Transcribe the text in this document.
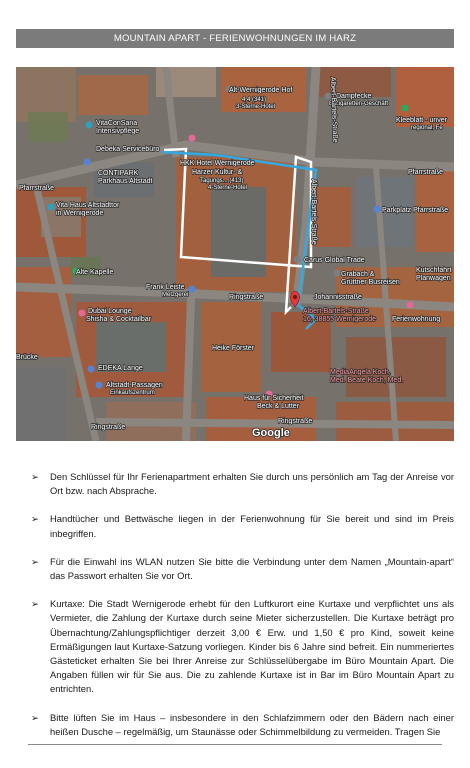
MOUNTAIN APART - FERIENWOHNUNGEN IM HARZ
Alt-Wernigerode Hof
4,4 (341)
3-Sterne-Hotel
Dampfecke
E-Zigaretten-Geschäft
Kleeblatt - unver
regional, Fe
VitaConSana
Intensivpflege
Debeka Servicebüro
HKK Hotel Wernigerode
Harzer Kultur- &
Tagungs... (413)
4-Sterne-Hotel
Pfarrstraße
Pfarrstraße
CONTIPARK
Parkhaus Altstadt
Vita Haus Altstadttor
in Wernigerode	Parkplatz Pfarrstraße
Alte Kapelle
Carus Global Trade
Grabach &
Grüttner Busreisen
Kutschfahrt
Planwagen
Frank Leiste
Metzgerei	Johannisstraße
Ringstraße
Albert-Bartels-Straße
16, 38855 Wernigerode Ferienwohnung
Dubai Lounge
Shisha & Cocktailbar
Brücke
Heike Förster
EDEKA Lange
Altstadt-Passagen
Einkaufszentrum
MediaAngela Koch,
Med. Beate Koch, Med.
Haus für Sicherheit
Beck & Lutter
Ringstraße
Ringstraße
Google
Albert-Bartels-Straße
Albert-Bartels-Straße
➢ Den Schlüssel für Ihr Ferienapartment erhalten Sie durch uns persönlich am Tag der Anreise vor Ort bzw. nach Absprache.
➢ Handtücher und Bettwäsche liegen in der Ferienwohnung für Sie bereit und sind im Preis inbegriffen.
➢ Für die Einwahl ins WLAN nutzen Sie bitte die Verbindung unter dem Namen „Mountain-apart“ das Passwort erhalten Sie vor Ort.
➢ Kurtaxe: Die Stadt Wernigerode erhebt für den Luftkurort eine Kurtaxe und verpflichtet uns als Vermieter, die Zahlung der Kurtaxe durch seine Mieter sicherzustellen. Die Kurtaxe beträgt pro Übernachtung/Zahlungspflichtiger derzeit 3,00 € Erw. und 1,50 € pro Kind, soweit keine Ermäßigungen laut Kurtaxe-Satzung vorliegen. Kinder bis 6 Jahre sind befreit. Ein nummeriertes Gästeticket erhalten Sie bei Ihrer Anreise zur Schlüsselübergabe im Büro Mountain Apart. Die Angaben füllen wir für Sie aus. Die zu zahlende Kurtaxe ist in Bar im Büro Mountain Apart zu entrichten.
➢ Bitte lüften Sie im Haus – insbesondere in den Schlafzimmern oder den Bädern nach einer heißen Dusche – regelmäßig, um Staunässe oder Schimmelbildung zu vermeiden. Tragen Sie
